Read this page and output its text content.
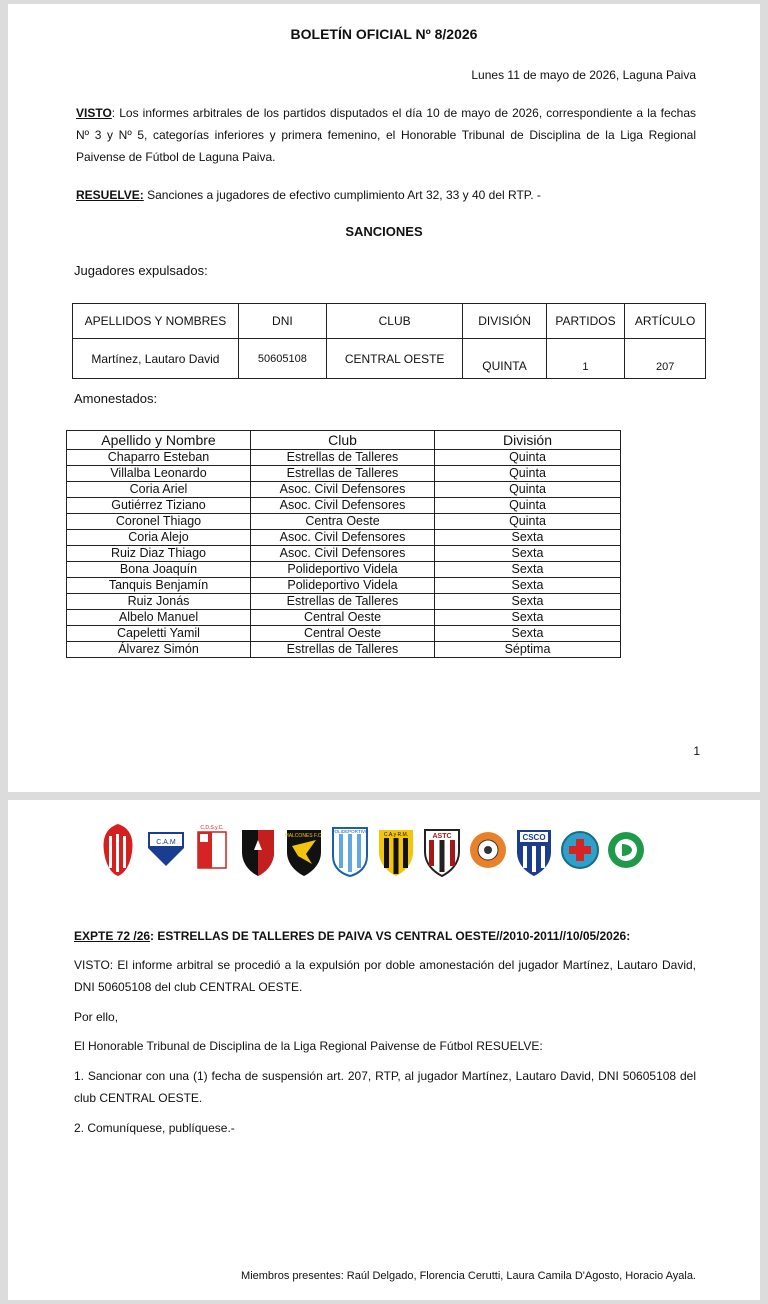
BOLETÍN OFICIAL Nº 8/2026
Lunes 11 de mayo de 2026, Laguna Paiva
VISTO: Los informes arbitrales de los partidos disputados el día 10 de mayo de 2026, correspondiente a la fechas Nº 3 y Nº 5, categorías inferiores y primera femenino, el Honorable Tribunal de Disciplina de la Liga Regional Paivense de Fútbol de Laguna Paiva.
RESUELVE: Sanciones a jugadores de efectivo cumplimiento Art 32, 33 y 40 del RTP. -
SANCIONES
Jugadores expulsados:
APELLIDOS Y NOMBRES	DNI	CLUB	DIVISIÓN	PARTIDOS	ARTÍCULO
Martínez, Lautaro David	50605108	CENTRAL OESTE	QUINTA	1	207
Amonestados:
Apellido y Nombre	Club	División
Chaparro Esteban	Estrellas de Talleres	Quinta
Villalba Leonardo	Estrellas de Talleres	Quinta
Coria Ariel	Asoc. Civil Defensores	Quinta
Gutiérrez Tiziano	Asoc. Civil Defensores	Quinta
Coronel Thiago	Centra Oeste	Quinta
Coria Alejo	Asoc. Civil Defensores	Sexta
Ruiz Diaz Thiago	Asoc. Civil Defensores	Sexta
Bona Joaquín	Polideportivo Videla	Sexta
Tanquis Benjamín	Polideportivo Videla	Sexta
Ruiz Jonás	Estrellas de Talleres	Sexta
Albelo Manuel	Central Oeste	Sexta
Capeletti Yamil	Central Oeste	Sexta
Álvarez Simón	Estrellas de Talleres	Séptima
1
C.A.M
C.D.S.y.C.
HALCONES F.C.
POLIDEPORTIVO
C.A.y R.M.	ASTC	CSCO
EXPTE 72 /26: ESTRELLAS DE TALLERES DE PAIVA VS CENTRAL OESTE//2010-2011//10/05/2026:
VISTO: El informe arbitral se procedió a la expulsión por doble amonestación del jugador Martínez, Lautaro David, DNI 50605108 del club CENTRAL OESTE.
Por ello,
El Honorable Tribunal de Disciplina de la Liga Regional Paivense de Fútbol RESUELVE:
1. Sancionar con una (1) fecha de suspensión art. 207, RTP, al jugador Martínez, Lautaro David, DNI 50605108 del club CENTRAL OESTE.
2. Comuníquese, publíquese.-
Miembros presentes: Raúl Delgado, Florencia Cerutti, Laura Camila D'Agosto, Horacio Ayala.
